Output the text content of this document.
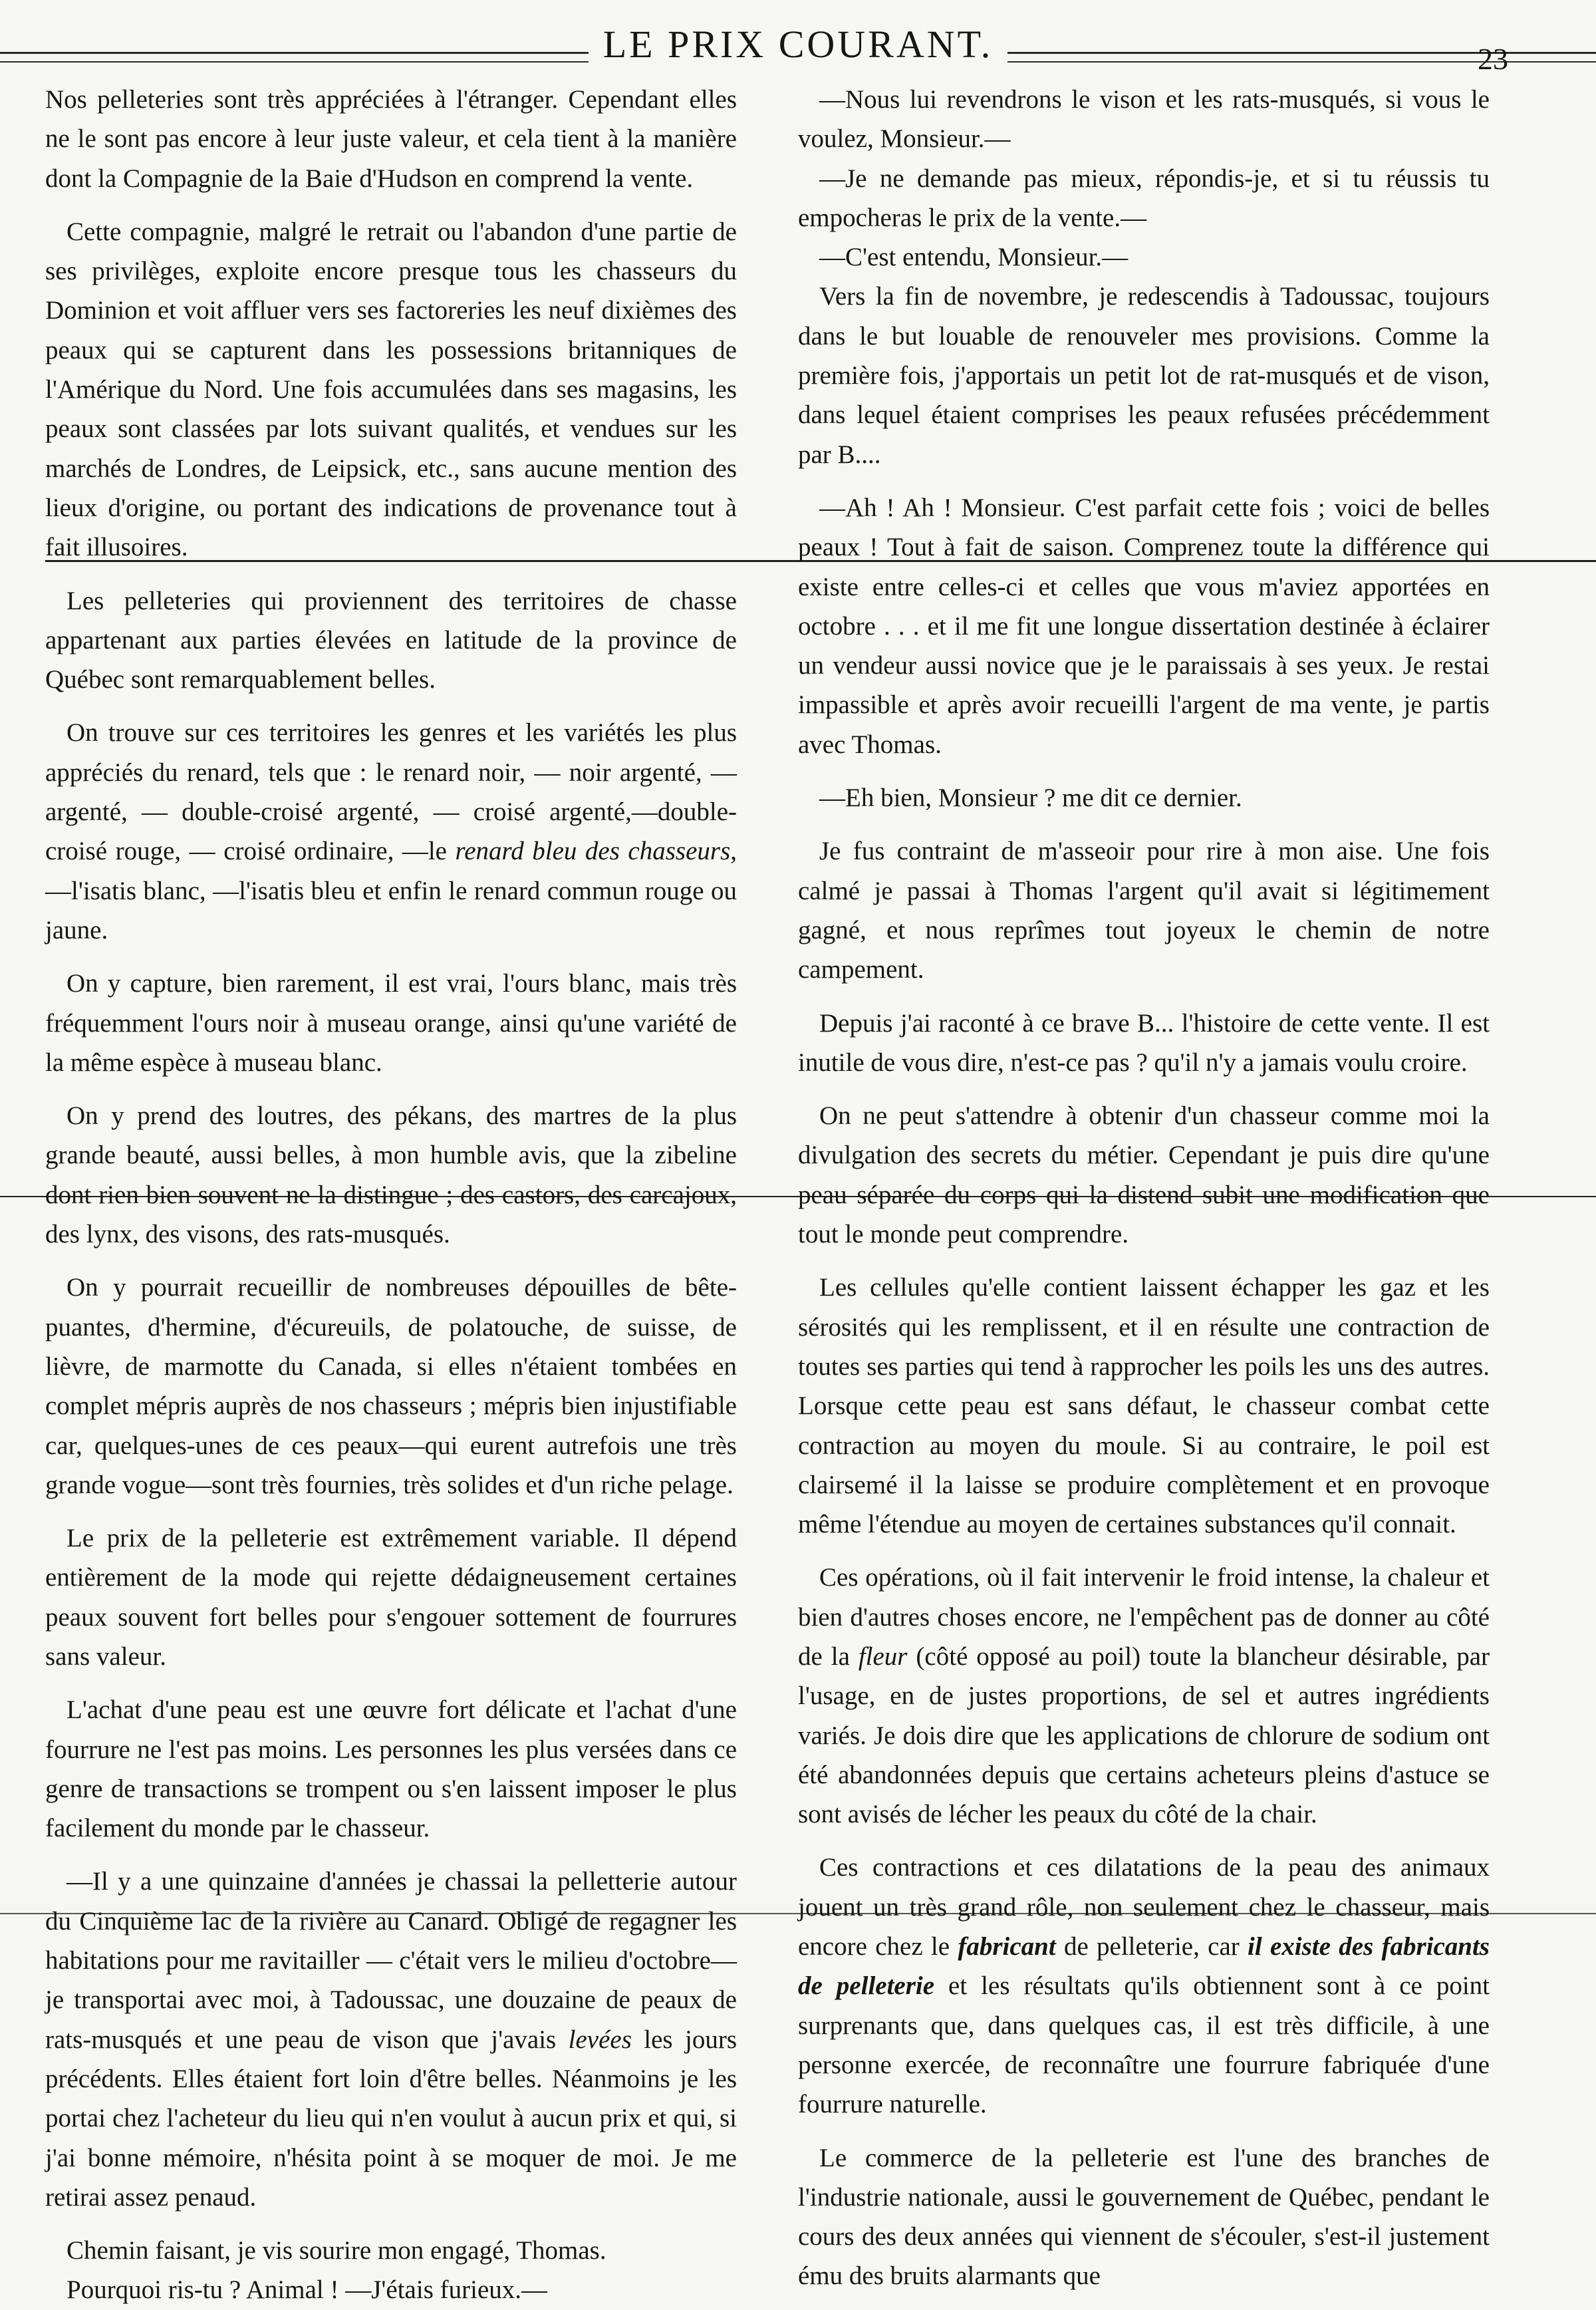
LE PRIX COURANT.	23

Nos pelleteries sont très appréciées à l'étranger. Cependant elles ne le sont pas encore à leur juste valeur, et cela tient à la manière dont la Compagnie de la Baie d'Hudson en comprend la vente.

Cette compagnie, malgré le retrait ou l'abandon d'une partie de ses privilèges, exploite encore presque tous les chasseurs du Dominion et voit affluer vers ses factoreries les neuf dixièmes des peaux qui se capturent dans les possessions britanniques de l'Amérique du Nord. Une fois accumulées dans ses magasins, les peaux sont classées par lots suivant qualités, et vendues sur les marchés de Londres, de Leipsick, etc., sans aucune mention des lieux d'origine, ou portant des indications de provenance tout à fait illusoires.

Les pelleteries qui proviennent des territoires de chasse appartenant aux parties élevées en latitude de la province de Québec sont remarquablement belles.

On trouve sur ces territoires les genres et les variétés les plus appréciés du renard, tels que : le renard noir, — noir argenté, — argenté, — double-croisé argenté, — croisé argenté,—double-croisé rouge, — croisé ordinaire, —le renard bleu des chasseurs, —l'isatis blanc, —l'isatis bleu et enfin le renard commun rouge ou jaune.

On y capture, bien rarement, il est vrai, l'ours blanc, mais très fréquemment l'ours noir à museau orange, ainsi qu'une variété de la même espèce à museau blanc.

On y prend des loutres, des pékans, des martres de la plus grande beauté, aussi belles, à mon humble avis, que la zibeline dont rien bien souvent ne la distingue ; des castors, des carcajoux, des lynx, des visons, des rats-musqués.

On y pourrait recueillir de nombreuses dépouilles de bête-puantes, d'hermine, d'écureuils, de polatouche, de suisse, de lièvre, de marmotte du Canada, si elles n'étaient tombées en complet mépris auprès de nos chasseurs ; mépris bien injustifiable car, quelques-unes de ces peaux—qui eurent autrefois une très grande vogue—sont très fournies, très solides et d'un riche pelage.

Le prix de la pelleterie est extrêmement variable. Il dépend entièrement de la mode qui rejette dédaigneusement certaines peaux souvent fort belles pour s'engouer sottement de fourrures sans valeur.

L'achat d'une peau est une œuvre fort délicate et l'achat d'une fourrure ne l'est pas moins. Les personnes les plus versées dans ce genre de transactions se trompent ou s'en laissent imposer le plus facilement du monde par le chasseur.

—Il y a une quinzaine d'années je chassai la pelletterie autour du Cinquième lac de la rivière au Canard. Obligé de regagner les habitations pour me ravitailler — c'était vers le milieu d'octobre—je transportai avec moi, à Tadoussac, une douzaine de peaux de rats-musqués et une peau de vison que j'avais levées les jours précédents. Elles étaient fort loin d'être belles. Néanmoins je les portai chez l'acheteur du lieu qui n'en voulut à aucun prix et qui, si j'ai bonne mémoire, n'hésita point à se moquer de moi. Je me retirai assez penaud.

Chemin faisant, je vis sourire mon engagé, Thomas.

Pourquoi ris-tu ? Animal ! —J'étais furieux.—

—Nous lui revendrons le vison et les rats-musqués, si vous le voulez, Monsieur.—

—Je ne demande pas mieux, répondis-je, et si tu réussis tu empocheras le prix de la vente.—

—C'est entendu, Monsieur.—

Vers la fin de novembre, je redescendis à Tadoussac, toujours dans le but louable de renouveler mes provisions. Comme la première fois, j'apportais un petit lot de rat-musqués et de vison, dans lequel étaient comprises les peaux refusées précédemment par B....

—Ah ! Ah ! Monsieur. C'est parfait cette fois ; voici de belles peaux ! Tout à fait de saison. Comprenez toute la différence qui existe entre celles-ci et celles que vous m'aviez apportées en octobre . . . et il me fit une longue dissertation destinée à éclairer un vendeur aussi novice que je le paraissais à ses yeux. Je restai impassible et après avoir recueilli l'argent de ma vente, je partis avec Thomas.

—Eh bien, Monsieur ? me dit ce dernier.

Je fus contraint de m'asseoir pour rire à mon aise. Une fois calmé je passai à Thomas l'argent qu'il avait si légitimement gagné, et nous reprîmes tout joyeux le chemin de notre campement.

Depuis j'ai raconté à ce brave B... l'histoire de cette vente. Il est inutile de vous dire, n'est-ce pas ? qu'il n'y a jamais voulu croire.

On ne peut s'attendre à obtenir d'un chasseur comme moi la divulgation des secrets du métier. Cependant je puis dire qu'une peau séparée du corps qui la distend subit une modification que tout le monde peut comprendre.

Les cellules qu'elle contient laissent échapper les gaz et les sérosités qui les remplissent, et il en résulte une contraction de toutes ses parties qui tend à rapprocher les poils les uns des autres. Lorsque cette peau est sans défaut, le chasseur combat cette contraction au moyen du moule. Si au contraire, le poil est clairsemé il la laisse se produire complètement et en provoque même l'étendue au moyen de certaines substances qu'il connait.

Ces opérations, où il fait intervenir le froid intense, la chaleur et bien d'autres choses encore, ne l'empêchent pas de donner au côté de la fleur (côté opposé au poil) toute la blancheur désirable, par l'usage, en de justes proportions, de sel et autres ingrédients variés. Je dois dire que les applications de chlorure de sodium ont été abandonnées depuis que certains acheteurs pleins d'astuce se sont avisés de lécher les peaux du côté de la chair.

Ces contractions et ces dilatations de la peau des animaux jouent un très grand rôle, non seulement chez le chasseur, mais encore chez le fabricant de pelleterie, car il existe des fabricants de pelleterie et les résultats qu'ils obtiennent sont à ce point surprenants que, dans quelques cas, il est très difficile, à une personne exercée, de reconnaître une fourrure fabriquée d'une fourrure naturelle.

Le commerce de la pelleterie est l'une des branches de l'industrie nationale, aussi le gouvernement de Québec, pendant le cours des deux années qui viennent de s'écouler, s'est-il justement ému des bruits alarmants que
